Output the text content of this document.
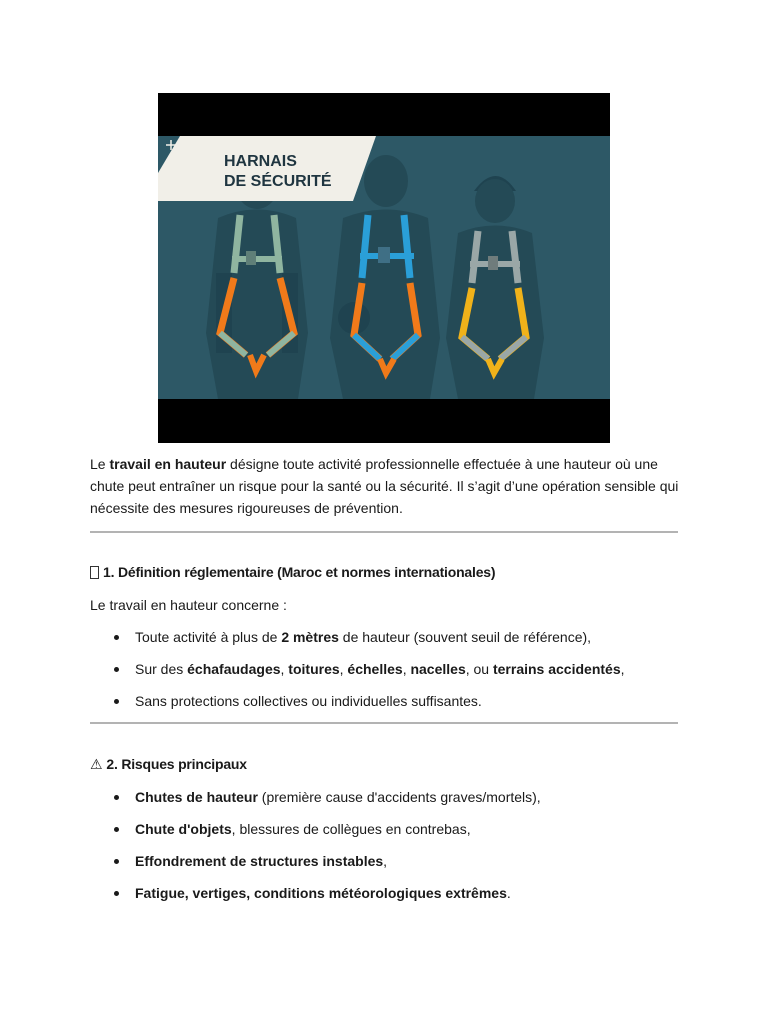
HARNAIS
DE SÉCURITÉ
Le travail en hauteur désigne toute activité professionnelle effectuée à une hauteur où une chute peut entraîner un risque pour la santé ou la sécurité. Il s’agit d’une opération sensible qui nécessite des mesures rigoureuses de prévention.
1. Définition réglementaire (Maroc et normes internationales)
Le travail en hauteur concerne :
Toute activité à plus de 2 mètres de hauteur (souvent seuil de référence),
Sur des échafaudages, toitures, échelles, nacelles, ou terrains accidentés,
Sans protections collectives ou individuelles suffisantes.
⚠ 2. Risques principaux
Chutes de hauteur (première cause d'accidents graves/mortels),
Chute d'objets, blessures de collègues en contrebas,
Effondrement de structures instables,
Fatigue, vertiges, conditions météorologiques extrêmes.
